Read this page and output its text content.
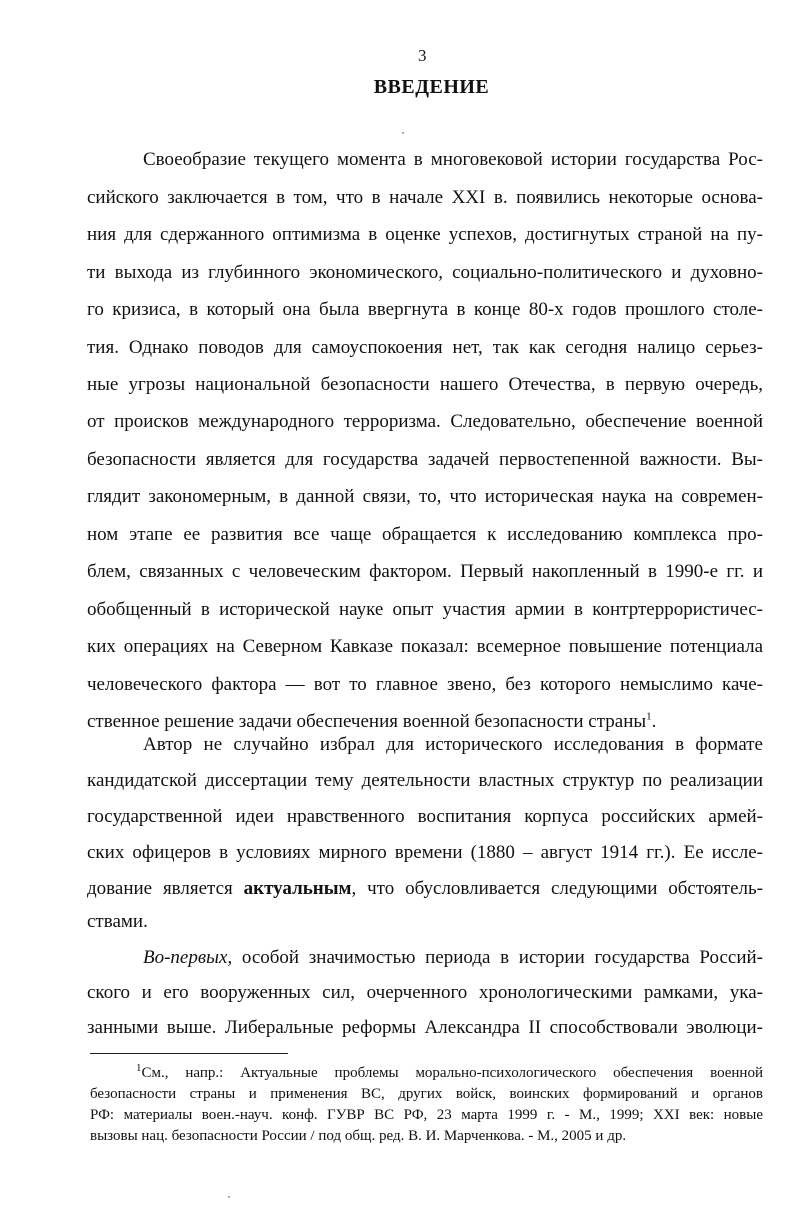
3
ВВЕДЕНИЕ
Своеобразие текущего момента в многовековой истории государства Рос-
сийского заключается в том, что в начале XXI в. появились некоторые основа-
ния для сдержанного оптимизма в оценке успехов, достигнутых страной на пу-
ти выхода из глубинного экономического, социально-политического и духовно-
го кризиса, в который она была ввергнута в конце 80-х годов прошлого столе-
тия. Однако поводов для самоуспокоения нет, так как сегодня налицо серьез-
ные угрозы национальной безопасности нашего Отечества, в первую очередь,
от происков международного терроризма. Следовательно, обеспечение военной
безопасности является для государства задачей первостепенной важности. Вы-
глядит закономерным, в данной связи, то, что историческая наука на современ-
ном этапе ее развития все чаще обращается к исследованию комплекса про-
блем, связанных с человеческим фактором. Первый накопленный в 1990-е гг. и
обобщенный в исторической науке опыт участия армии в контртеррористичес-
ких операциях на Северном Кавказе показал: всемерное повышение потенциала
человеческого фактора — вот то главное звено, без которого немыслимо каче-
ственное решение задачи обеспечения военной безопасности страны$^1$.
Автор не случайно избрал для исторического исследования в формате
кандидатской диссертации тему деятельности властных структур по реализации
государственной идеи нравственного воспитания корпуса российских армей-
ских офицеров в условиях мирного времени (1880 – август 1914 гг.). Ее иссле-
дование является актуальным, что обусловливается следующими обстоятель-
ствами.
Во-первых, особой значимостью периода в истории государства Россий-
ского и его вооруженных сил, очерченного хронологическими рамками, ука-
занными выше. Либеральные реформы Александра II способствовали эволюци-
$^1$См., напр.: Актуальные проблемы морально-психологического обеспечения военной
безопасности страны и применения ВС, других войск, воинских формирований и органов
РФ: материалы воен.-науч. конф. ГУВР ВС РФ, 23 марта 1999 г. - М., 1999; XXI век: новые
вызовы нац. безопасности России / под общ. ред. В. И. Марченкова. - М., 2005 и др.
